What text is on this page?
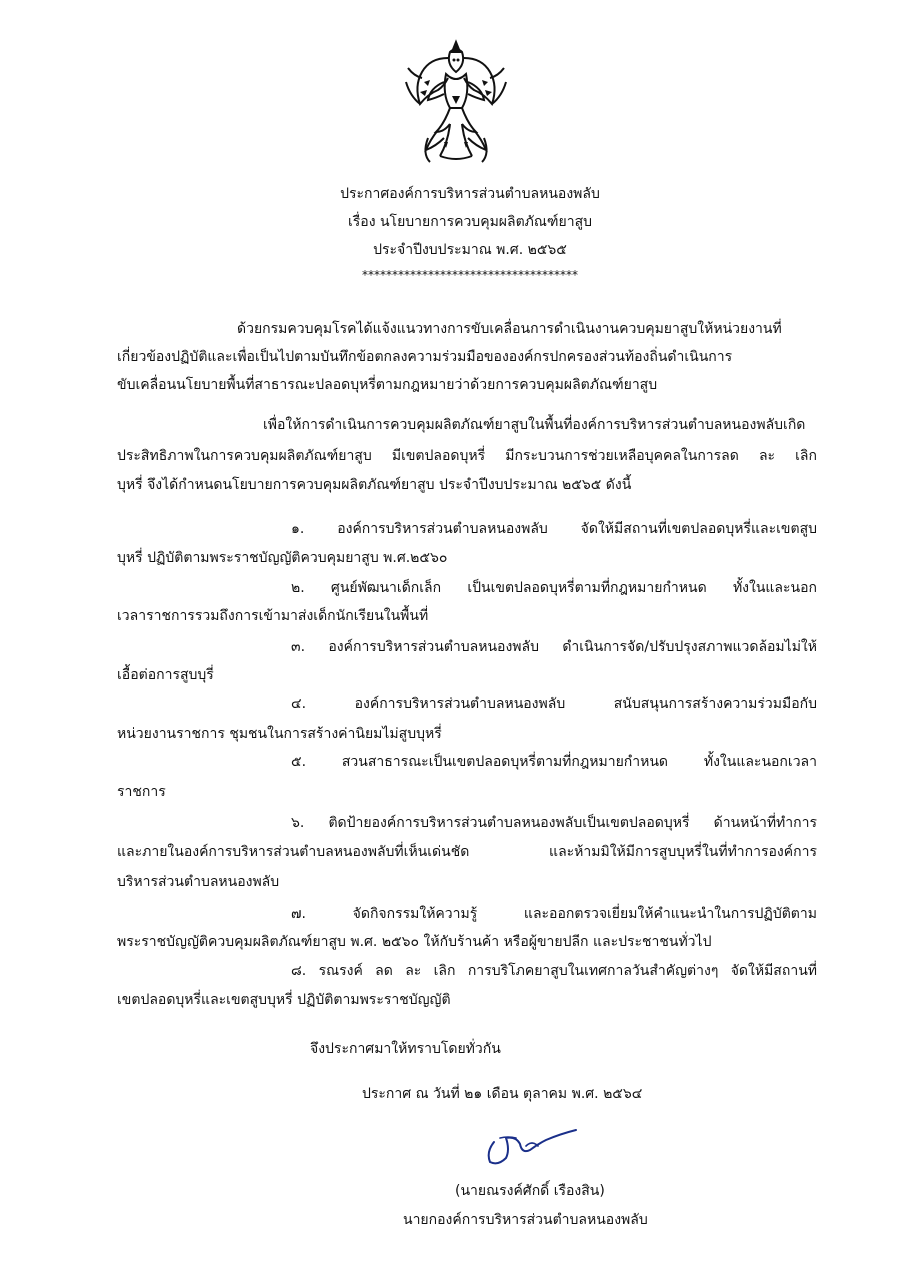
ประกาศองค์การบริหารส่วนตำบลหนองพลับ
เรื่อง นโยบายการควบคุมผลิตภัณฑ์ยาสูบ
ประจำปีงบประมาณ พ.ศ. ๒๕๖๕
************************************
ด้วยกรมควบคุมโรคได้แจ้งแนวทางการขับเคลื่อนการดำเนินงานควบคุมยาสูบให้หน่วยงานที่
เกี่ยวข้องปฏิบัติและเพื่อเป็นไปตามบันทึกข้อตกลงความร่วมมือขององค์กรปกครองส่วนท้องถิ่นดำเนินการ
ขับเคลื่อนนโยบายพื้นที่สาธารณะปลอดบุหรี่ตามกฎหมายว่าด้วยการควบคุมผลิตภัณฑ์ยาสูบ
เพื่อให้การดำเนินการควบคุมผลิตภัณฑ์ยาสูบในพื้นที่องค์การบริหารส่วนตำบลหนองพลับเกิด
ประสิทธิภาพในการควบคุมผลิตภัณฑ์ยาสูบ มีเขตปลอดบุหรี่ มีกระบวนการช่วยเหลือบุคคลในการลด ละ เลิก
บุหรี่ จึงได้กำหนดนโยบายการควบคุมผลิตภัณฑ์ยาสูบ ประจำปีงบประมาณ ๒๕๖๕ ดังนี้
๑. องค์การบริหารส่วนตำบลหนองพลับ จัดให้มีสถานที่เขตปลอดบุหรี่และเขตสูบ
บุหรี่ ปฏิบัติตามพระราชบัญญัติควบคุมยาสูบ พ.ศ.๒๕๖๐
๒. ศูนย์พัฒนาเด็กเล็ก เป็นเขตปลอดบุหรี่ตามที่กฎหมายกำหนด ทั้งในและนอก
เวลาราชการรวมถึงการเข้ามาส่งเด็กนักเรียนในพื้นที่
๓. องค์การบริหารส่วนตำบลหนองพลับ ดำเนินการจัด/ปรับปรุงสภาพแวดล้อมไม่ให้
เอื้อต่อการสูบบุรี่
๔. องค์การบริหารส่วนตำบลหนองพลับ สนับสนุนการสร้างความร่วมมือกับ
หน่วยงานราชการ ชุมชนในการสร้างค่านิยมไม่สูบบุหรี่
๕. สวนสาธารณะเป็นเขตปลอดบุหรี่ตามที่กฎหมายกำหนด ทั้งในและนอกเวลา
ราชการ
๖. ติดป้ายองค์การบริหารส่วนตำบลหนองพลับเป็นเขตปลอดบุหรี่ ด้านหน้าที่ทำการ
และภายในองค์การบริหารส่วนตำบลหนองพลับที่เห็นเด่นชัด และห้ามมิให้มีการสูบบุหรี่ในที่ทำการองค์การ
บริหารส่วนตำบลหนองพลับ
๗. จัดกิจกรรมให้ความรู้ และออกตรวจเยี่ยมให้คำแนะนำในการปฏิบัติตาม
พระราชบัญญัติควบคุมผลิตภัณฑ์ยาสูบ พ.ศ. ๒๕๖๐ ให้กับร้านค้า หรือผู้ขายปลีก และประชาชนทั่วไป
๘. รณรงค์ ลด ละ เลิก การบริโภคยาสูบในเทศกาลวันสำคัญต่างๆ จัดให้มีสถานที่
เขตปลอดบุหรี่และเขตสูบบุหรี่ ปฏิบัติตามพระราชบัญญัติ
จึงประกาศมาให้ทราบโดยทั่วกัน
ประกาศ ณ วันที่ ๒๑ เดือน ตุลาคม พ.ศ. ๒๕๖๔
(นายณรงค์ศักดิ์ เรืองสิน)
นายกองค์การบริหารส่วนตำบลหนองพลับ
